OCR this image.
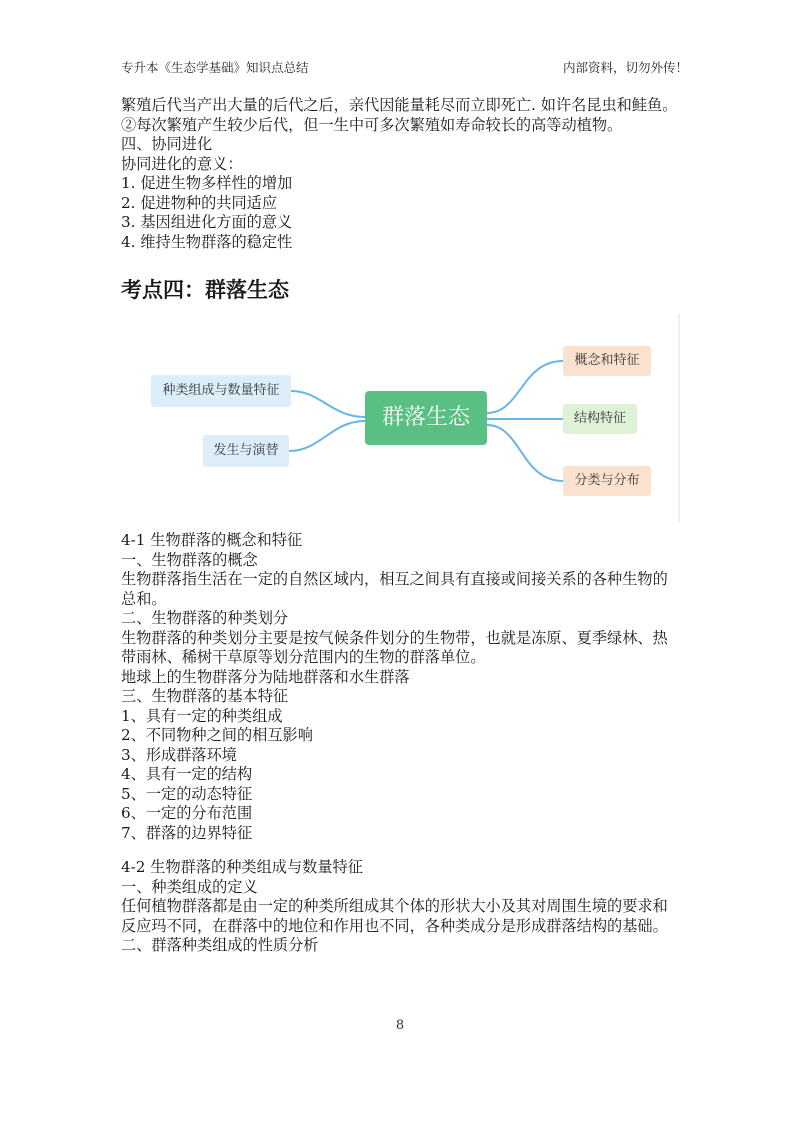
专升本《生态学基础》知识点总结	内部资料，切勿外传！
繁殖后代当产出大量的后代之后，亲代因能量耗尽而立即死亡. 如许名昆虫和鲑鱼。②每次繁殖产生较少后代，但一生中可多次繁殖如寿命较长的高等动植物。
四、协同进化
协同进化的意义：
1. 促进生物多样性的增加
2. 促进物种的共同适应
3. 基因组进化方面的意义
4. 维持生物群落的稳定性
考点四：群落生态
群落生态
种类组成与数量特征
发生与演替
概念和特征
结构特征
分类与分布
4-1 生物群落的概念和特征
一、生物群落的概念
生物群落指生活在一定的自然区域内，相互之间具有直接或间接关系的各种生物的总和。
二、生物群落的种类划分
生物群落的种类划分主要是按气候条件划分的生物带，也就是冻原、夏季绿林、热带雨林、稀树干草原等划分范围内的生物的群落单位。
地球上的生物群落分为陆地群落和水生群落
三、生物群落的基本特征
1、具有一定的种类组成
2、不同物种之间的相互影响
3、形成群落环境
4、具有一定的结构
5、一定的动态特征
6、一定的分布范围
7、群落的边界特征
4-2 生物群落的种类组成与数量特征
一、种类组成的定义
任何植物群落都是由一定的种类所组成其个体的形状大小及其对周围生境的要求和反应玛不同，在群落中的地位和作用也不同，各种类成分是形成群落结构的基础。
二、群落种类组成的性质分析
8
